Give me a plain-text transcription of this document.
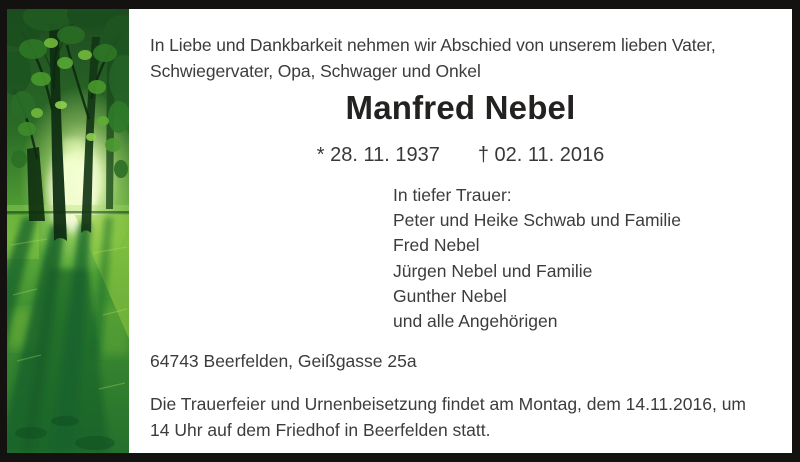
In Liebe und Dankbarkeit nehmen wir Abschied von unserem lieben Vater,
Schwiegervater, Opa, Schwager und Onkel
Manfred Nebel
* 28. 11. 1937 † 02. 11. 2016
In tiefer Trauer:
Peter und Heike Schwab und Familie
Fred Nebel
Jürgen Nebel und Familie
Gunther Nebel
und alle Angehörigen
64743 Beerfelden, Geißgasse 25a
Die Trauerfeier und Urnenbeisetzung findet am Montag, dem 14.11.2016, um
14 Uhr auf dem Friedhof in Beerfelden statt.
